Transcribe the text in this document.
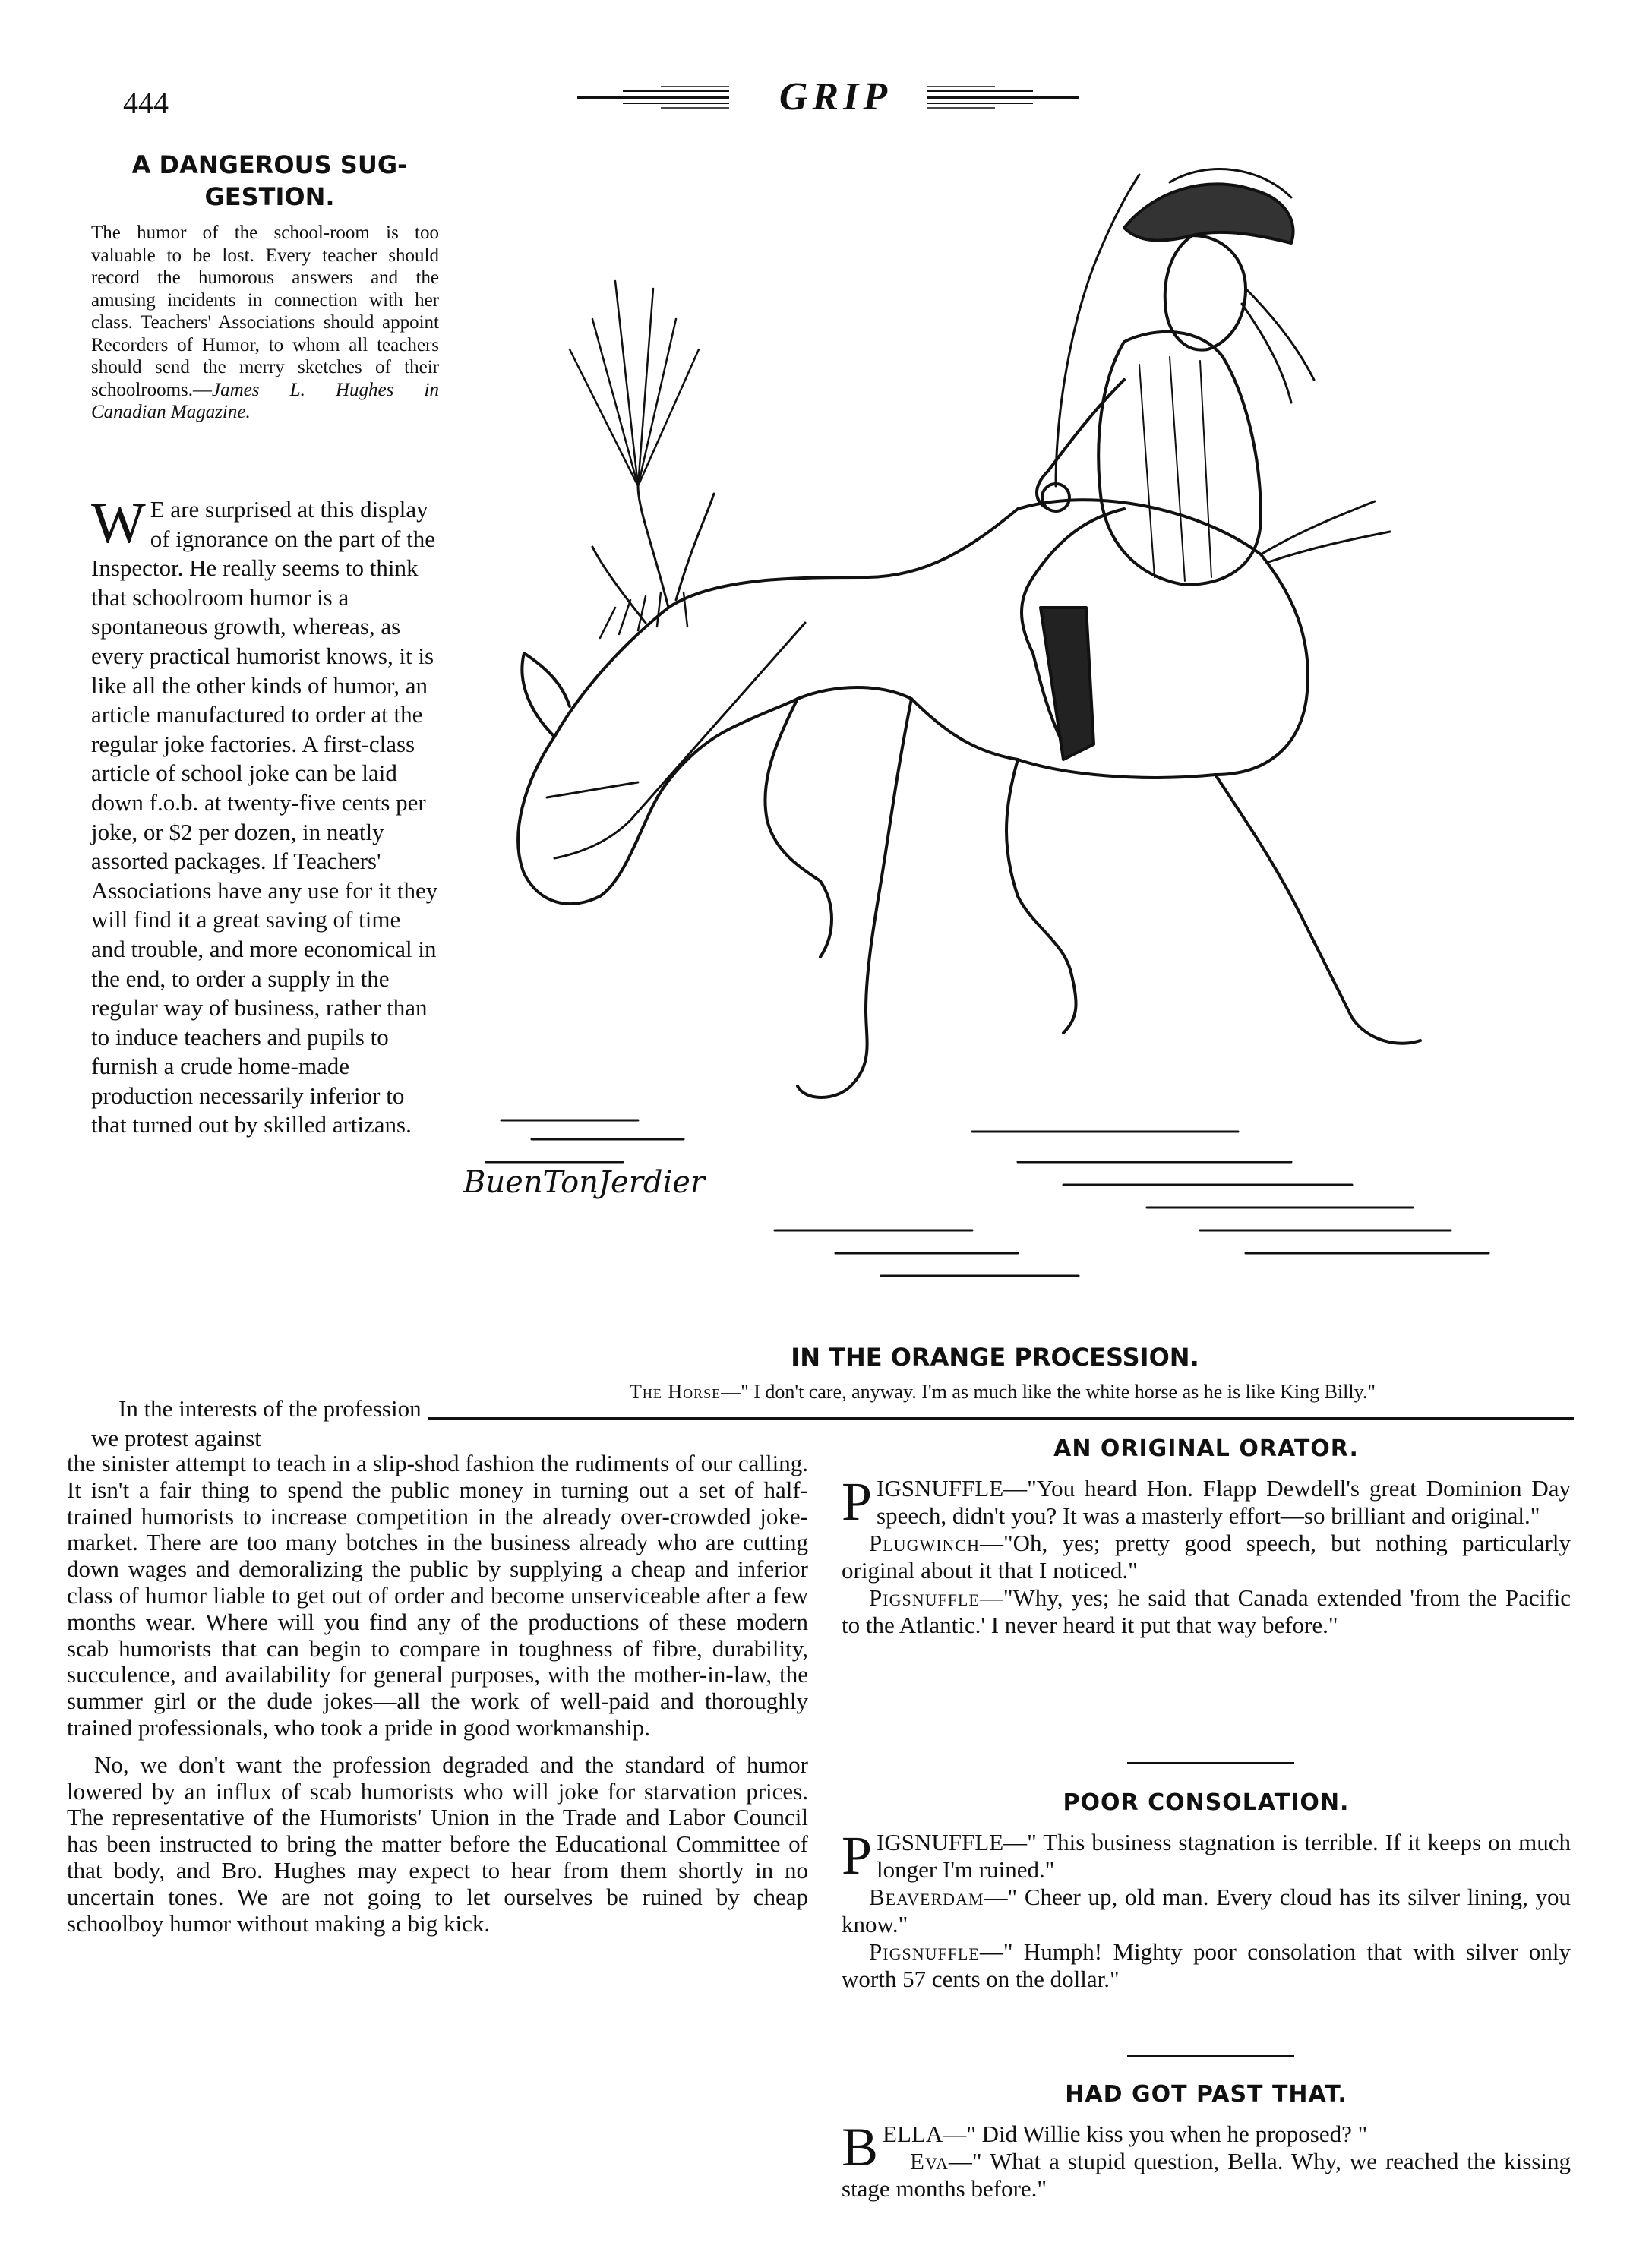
444	GRIP
A DANGEROUS SUG-GESTION.
The humor of the school-room is too valuable to be lost. Every teacher should record the humorous answers and the amusing incidents in connection with her class. Teachers' Associations should appoint Recorders of Humor, to whom all teachers should send the merry sketches of their schoolrooms.—James L. Hughes in Canadian Magazine.
W E are surprised at this display of ignorance on the part of the Inspector. He really seems to think that schoolroom humor is a spontaneous growth, whereas, as every practical humorist knows, it is like all the other kinds of humor, an article manufactured to order at the regular joke factories. A first-class article of school joke can be laid down f.o.b. at twenty-five cents per joke, or $2 per dozen, in neatly assorted packages. If Teachers' Associations have any use for it they will find it a great saving of time and trouble, and more economical in the end, to order a supply in the regular way of business, rather than to induce teachers and pupils to furnish a crude home-made production necessarily inferior to that turned out by skilled artizans.

In the interests of the profession we protest against

the sinister attempt to teach in a slip-shod fashion the rudiments of our calling. It isn't a fair thing to spend the public money in turning out a set of half-trained humorists to increase competition in the already over-crowded joke-market. There are too many botches in the business already who are cutting down wages and demoralizing the public by supplying a cheap and inferior class of humor liable to get out of order and become unserviceable after a few months wear. Where will you find any of the productions of these modern scab humorists that can begin to compare in toughness of fibre, durability, succulence, and availability for general purposes, with the mother-in-law, the summer girl or the dude jokes—all the work of well-paid and thoroughly trained professionals, who took a pride in good workmanship.

No, we don't want the profession degraded and the standard of humor lowered by an influx of scab humorists who will joke for starvation prices. The representative of the Humorists' Union in the Trade and Labor Council has been instructed to bring the matter before the Educational Committee of that body, and Bro. Hughes may expect to hear from them shortly in no uncertain tones. We are not going to let ourselves be ruined by cheap schoolboy humor without making a big kick.

BuenTonJerdier
IN THE ORANGE PROCESSION.
The Horse—" I don't care, anyway. I'm as much like the white horse as he is like King Billy."
AN ORIGINAL ORATOR.

PIGSNUFFLE—"You heard Hon. Flapp Dewdell's great Dominion Day speech, didn't you? It was a masterly effort—so brilliant and original."

Plugwinch—"Oh, yes; pretty good speech, but nothing particularly original about it that I noticed."

Pigsnuffle—"Why, yes; he said that Canada extended 'from the Pacific to the Atlantic.' I never heard it put that way before."

POOR CONSOLATION.

PIGSNUFFLE—" This business stagnation is terrible. If it keeps on much longer I'm ruined."

Beaverdam—" Cheer up, old man. Every cloud has its silver lining, you know."

Pigsnuffle—" Humph! Mighty poor consolation that with silver only worth 57 cents on the dollar."

HAD GOT PAST THAT.

BELLA—" Did Willie kiss you when he proposed? "

Eva—" What a stupid question, Bella. Why, we reached the kissing stage months before."
